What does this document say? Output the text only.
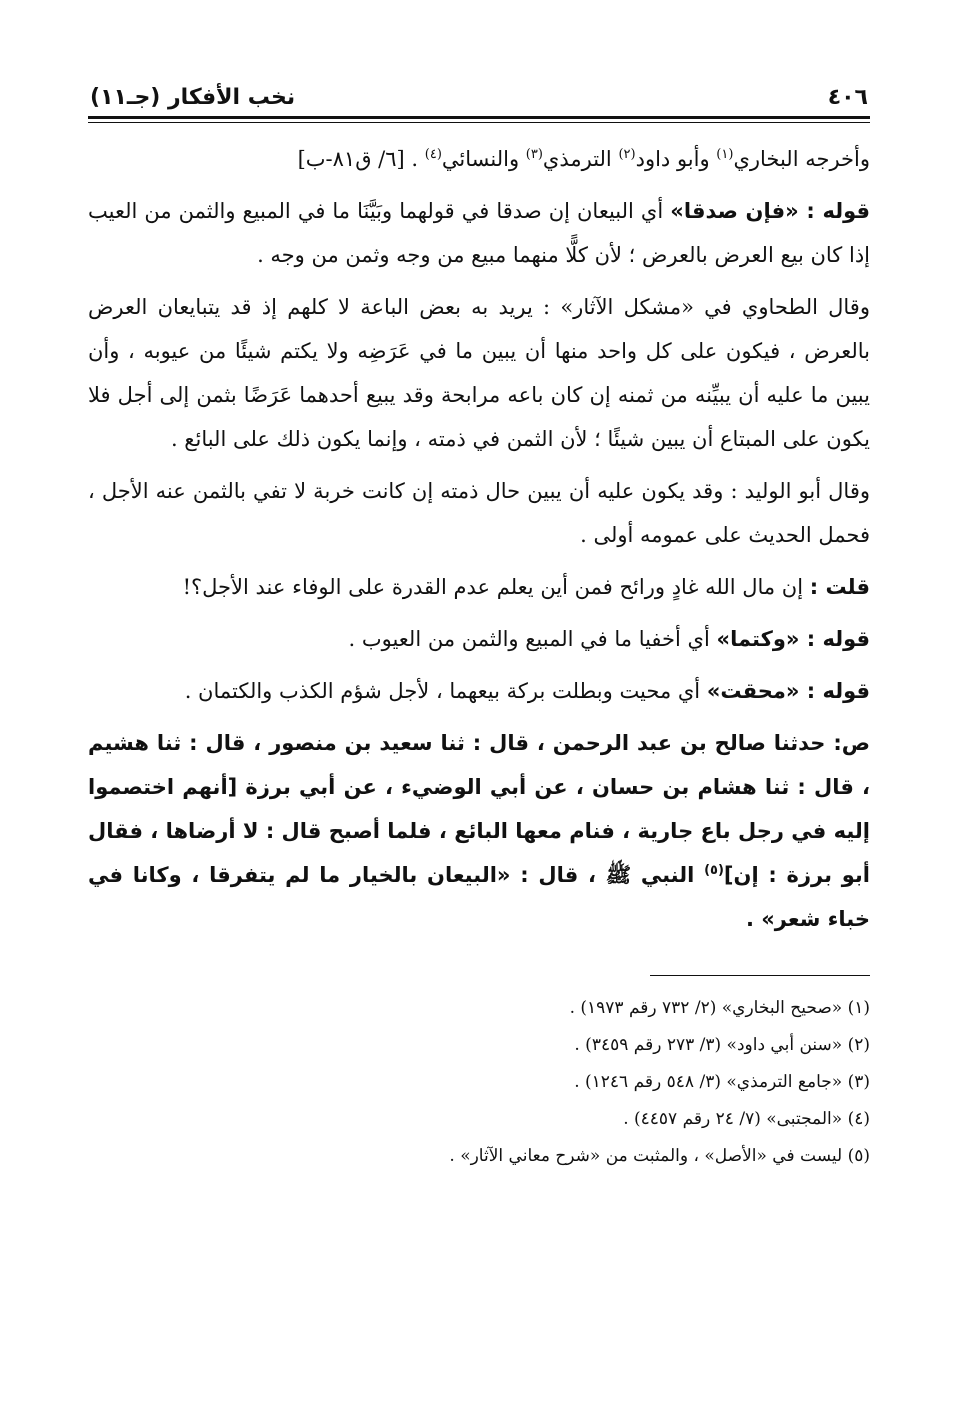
٤٠٦
نخب الأفكار (جـ١١)

وأخرجه البخاري$^{(١)}$ وأبو داود$^{(٢)}$ الترمذي$^{(٣)}$ والنسائي$^{(٤)}$ . [٦/ ق٨١-ب]

قوله : «فإن صدقا» أي البيعان إن صدقا في قولهما وبَيَّنَا ما في المبيع والثمن من العيب إذا كان بيع العرض بالعرض ؛ لأن كلًّا منهما مبيع من وجه وثمن من وجه .

وقال الطحاوي في «مشكل الآثار» : يريد به بعض الباعة لا كلهم إذ قد يتبايعان العرض بالعرض ، فيكون على كل واحد منها أن يبين ما في عَرَضِه ولا يكتم شيئًا من عيوبه ، وأن يبين ما عليه أن يبيِّنه من ثمنه إن كان باعه مرابحة وقد يبيع أحدهما عَرَضًا بثمن إلى أجل فلا يكون على المبتاع أن يبين شيئًا ؛ لأن الثمن في ذمته ، وإنما يكون ذلك على البائع .

وقال أبو الوليد : وقد يكون عليه أن يبين حال ذمته إن كانت خربة لا تفي بالثمن عنه الأجل ، فحمل الحديث على عمومه أولى .

قلت : إن مال الله غادٍ ورائح فمن أين يعلم عدم القدرة على الوفاء عند الأجل؟!

قوله : «وكتما» أي أخفيا ما في المبيع والثمن من العيوب .

قوله : «محقت» أي محيت وبطلت بركة بيعهما ، لأجل شؤم الكذب والكتمان .

ص: حدثنا صالح بن عبد الرحمن ، قال : ثنا سعيد بن منصور ، قال : ثنا هشيم ، قال : ثنا هشام بن حسان ، عن أبي الوضيء ، عن أبي برزة [أنهم اختصموا إليه في رجل باع جارية ، فنام معها البائع ، فلما أصبح قال : لا أرضاها ، فقال أبو برزة : إن]$^{(٥)}$ النبي ﷺ ، قال : «البيعان بالخيار ما لم يتفرقا ، وكانا في خباء شعر» .

(١) «صحيح البخاري» (٢/ ٧٣٢ رقم ١٩٧٣) .
(٢) «سنن أبي داود» (٣/ ٢٧٣ رقم ٣٤٥٩) .
(٣) «جامع الترمذي» (٣/ ٥٤٨ رقم ١٢٤٦) .
(٤) «المجتبى» (٧/ ٢٤ رقم ٤٤٥٧) .
(٥) ليست في «الأصل» ، والمثبت من «شرح معاني الآثار» .
